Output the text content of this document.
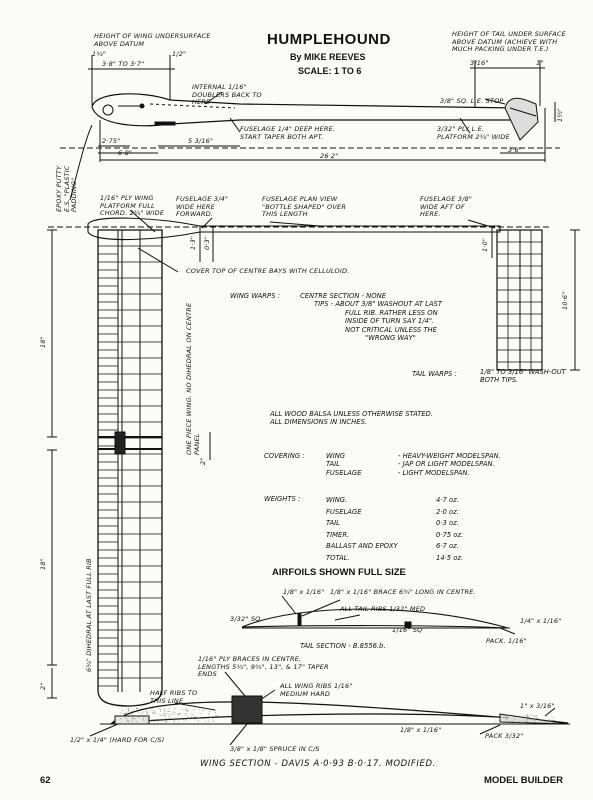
HUMPLEHOUND
By MIKE REEVES
SCALE: 1 TO 6
HEIGHT OF WING UNDERSURFACE ABOVE DATUM
1¾"	1/2"
3·8" TO 3·7"
HEIGHT OF TAIL UNDER SURFACE ABOVE DATUM (ACHIEVE WITH MUCH PACKING UNDER T.E.)
3/16"	1"
INTERNAL 1/16" DOUBLERS BACK TO HERE	3/8" SQ. L.E. STOP
1½"
FUSELAGE 1/4" DEEP HERE. START TAPER BOTH APT.
3/32" PLY L.E. PLATFORM 2¾" WIDE
2·75"	5 3/16"
6·8"	26·2"
3·6"
EPOXY PUTTY E.S. "PLASTIC PADDING"	1/16" PLY WING PLATFORM FULL CHORD. 2¾" WIDE
FUSELAGE 3/4" WIDE HERE FORWARD.
FUSELAGE PLAN VIEW "BOTTLE SHAPED" OVER THIS LENGTH
FUSELAGE 3/8" WIDE AFT OF HERE.
COVER TOP OF CENTRE BAYS WITH CELLULOID.
ONE PIECE WING. NO DIHEDRAL ON CENTRE PANEL
6¾" DIHEDRAL AT LAST FULL RIB
18"
18"
2"
2"
1·3" 0·3"	1·0"
10·6"
WING WARPS :	CENTRE SECTION - NONE
TIPS - ABOUT 3/8" WASHOUT AT LAST
FULL RIB. RATHER LESS ON
INSIDE OF TURN SAY 1/4".
NOT CRITICAL UNLESS THE
"WRONG WAY"
TAIL WARPS :	1/8" TO 3/16" WASH-OUT
BOTH TIPS.
ALL WOOD BALSA UNLESS OTHERWISE STATED.
ALL DIMENSIONS IN INCHES.
COVERING :	WING	- HEAVY-WEIGHT MODELSPAN.
TAIL	- JAP OR LIGHT MODELSPAN.
FUSELAGE	- LIGHT MODELSPAN.
WEIGHTS :	WING.	4·7 oz.
FUSELAGE	2·0 oz.
TAIL	0·3 oz.
TIMER.	0·75 oz.
BALLAST AND EPOXY	6·7 oz.
TOTAL.	14·5 oz.
AIRFOILS SHOWN FULL SIZE
1/8" x 1/16" 1/8" x 1/16" BRACE 6¾" LONG IN CENTRE.
ALL TAIL RIBS 1/32" MED
3/32" SQ
1/16" SQ
1/4" x 1/16"
PACK. 1/16"
TAIL SECTION - B.8556.b.
1/16" PLY BRACES IN CENTRE, LENGTHS 5¾", 9¾", 13", & 17" TAPER ENDS
HALF RIBS TO THIS LINE
ALL WING RIBS 1/16" MEDIUM HARD
1" x 3/16"
1/2" x 1/4" (HARD FOR C/S)
3/8" x 1/8" SPRUCE IN C/S
1/8" x 1/16"
PACK 3/32"
WING SECTION - DAVIS A·0·93 B·0·17. MODIFIED.
62	MODEL BUILDER
